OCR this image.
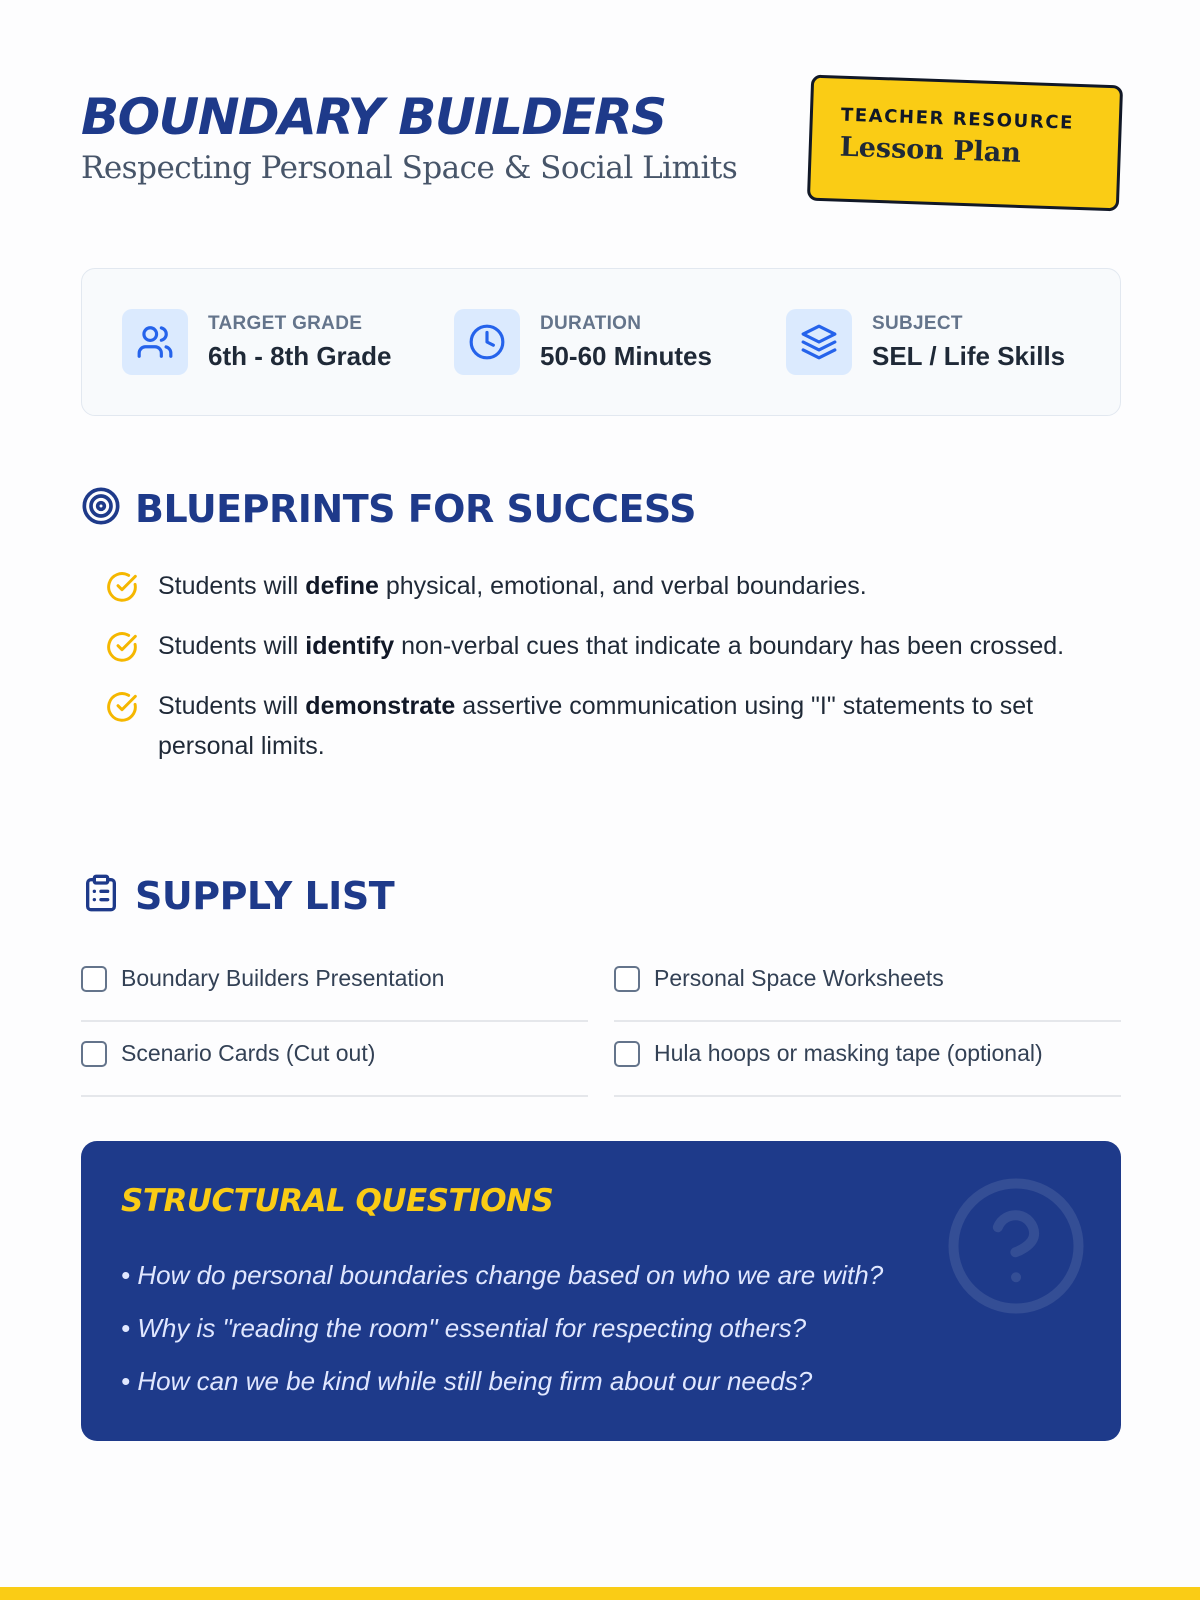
BOUNDARY BUILDERS
Respecting Personal Space & Social Limits
TEACHER RESOURCE
Lesson Plan
TARGET GRADE
6th - 8th Grade
DURATION
50-60 Minutes
SUBJECT
SEL / Life Skills
BLUEPRINTS FOR SUCCESS

Students will define physical, emotional, and verbal boundaries.

Students will identify non-verbal cues that indicate a boundary has been crossed.

Students will demonstrate assertive communication using "I" statements to set personal limits.

SUPPLY LIST
Boundary Builders Presentation	Personal Space Worksheets
Scenario Cards (Cut out)	Hula hoops or masking tape (optional)
STRUCTURAL QUESTIONS
• How do personal boundaries change based on who we are with?
• Why is "reading the room" essential for respecting others?
• How can we be kind while still being firm about our needs?
